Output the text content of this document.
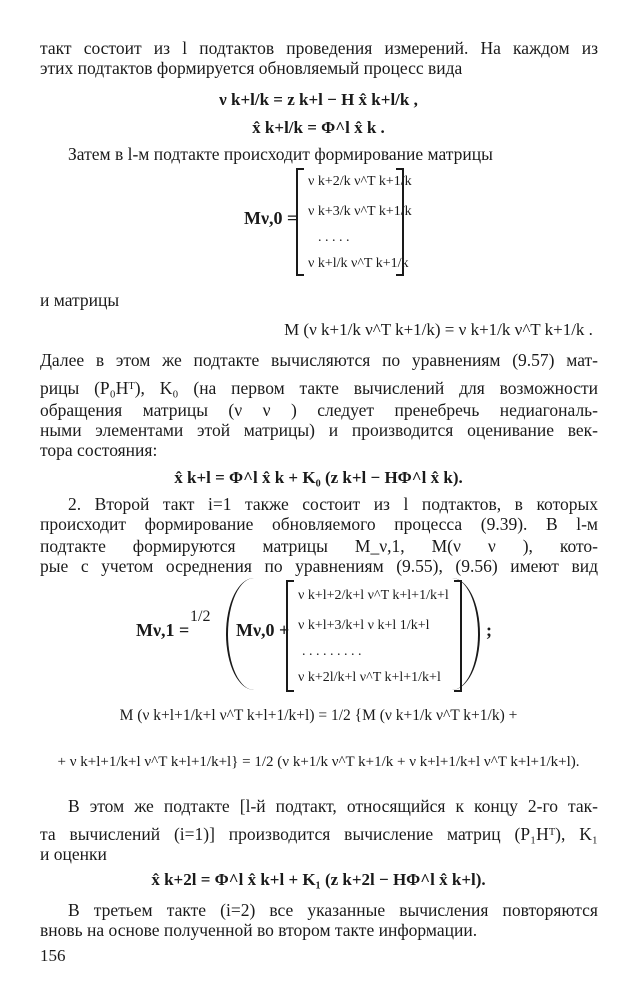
такт состоит из l подтактов проведения измерений. На каждом из
этих подтактов формируется обновляемый процесс вида
ν k+l/k = z k+l − H x̂ k+l/k ,
x̂ k+l/k = Φ^l x̂ k .
Затем в l-м подтакте происходит формирование матрицы
Mν,0 =
ν k+2/k ν^T k+1/k
ν k+3/k ν^T k+1/k
. . . . .
ν k+l/k ν^T k+1/k
и матрицы
M (ν k+1/k ν^T k+1/k) = ν k+1/k ν^T k+1/k .
Далее в этом же подтакте вычисляются по уравнениям (9.57) мат-
рицы (P₀Hᵀ), K₀ (на первом такте вычислений для возможности
обращения матрицы (ν ν ) следует пренебречь недиагональ-
ными элементами этой матрицы) и производится оценивание век-
тора состояния:
x̂ k+l = Φ^l x̂ k + K₀ (z k+l − HΦ^l x̂ k).
2. Второй такт i=1 также состоит из l подтактов, в которых
происходит формирование обновляемого процесса (9.39). В l-м
подтакте формируются матрицы M_ν,1, M(ν ν ), кото-
рые с учетом осреднения по уравнениям (9.55), (9.56) имеют вид
Mν,1 =
1/2
Mν,0 +
ν k+l+2/k+l ν^T k+l+1/k+l
ν k+l+3/k+l ν k+l 1/k+l
. . . . . . . . .
ν k+2l/k+l ν^T k+l+1/k+l
;
M (ν k+l+1/k+l ν^T k+l+1/k+l) = 1/2 {M (ν k+1/k ν^T k+1/k) +
+ ν k+l+1/k+l ν^T k+l+1/k+l} = 1/2 (ν k+1/k ν^T k+1/k + ν k+l+1/k+l ν^T k+l+1/k+l).
В этом же подтакте [l-й подтакт, относящийся к концу 2-го так-
та вычислений (i=1)] производится вычисление матриц (P₁Hᵀ), K₁
и оценки
x̂ k+2l = Φ^l x̂ k+l + K₁ (z k+2l − HΦ^l x̂ k+l).
В третьем такте (i=2) все указанные вычисления повторяются
вновь на основе полученной во втором такте информации.
156
